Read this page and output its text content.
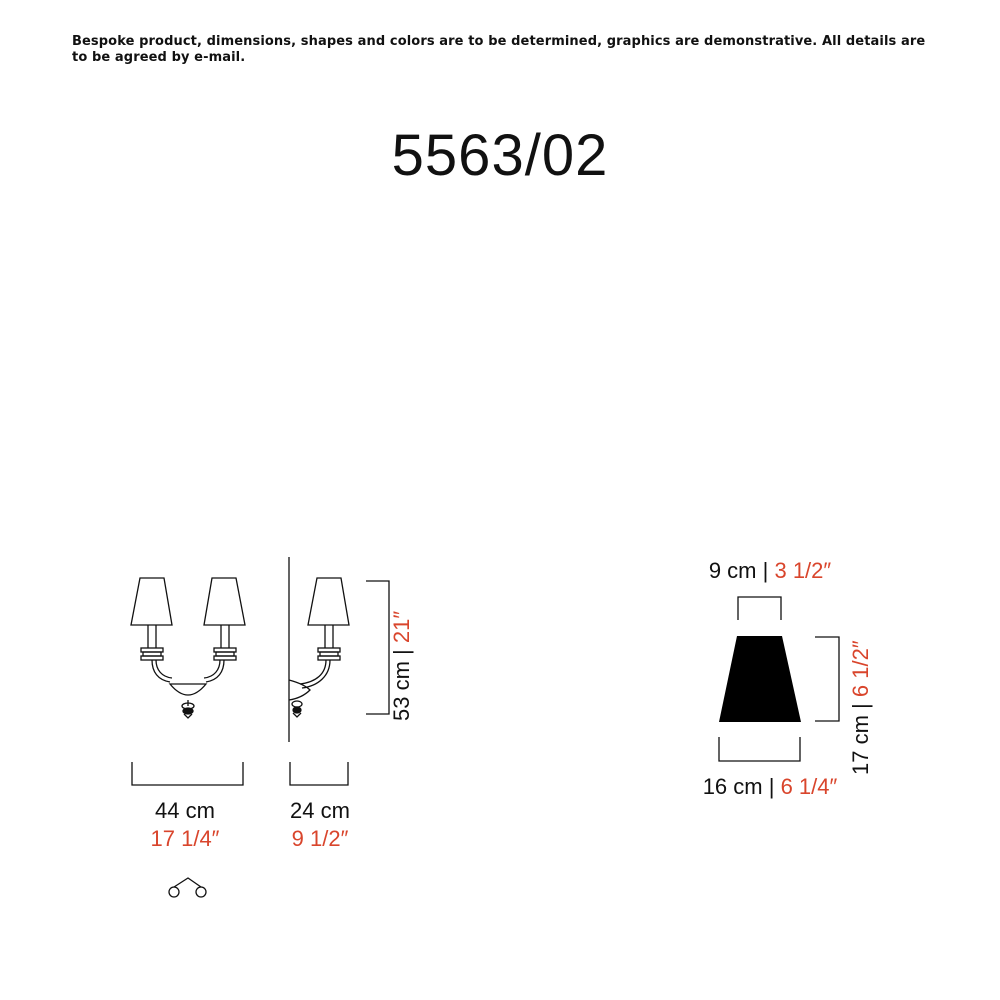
Bespoke product, dimensions, shapes and colors are to be determined, graphics are demonstrative. All details are to be agreed by e-mail.
5563/02
44 cm
17 1/4″
24 cm
9 1/2″
53 cm | 21″
9 cm | 3 1/2″
16 cm | 6 1/4″
17 cm | 6 1/2″
